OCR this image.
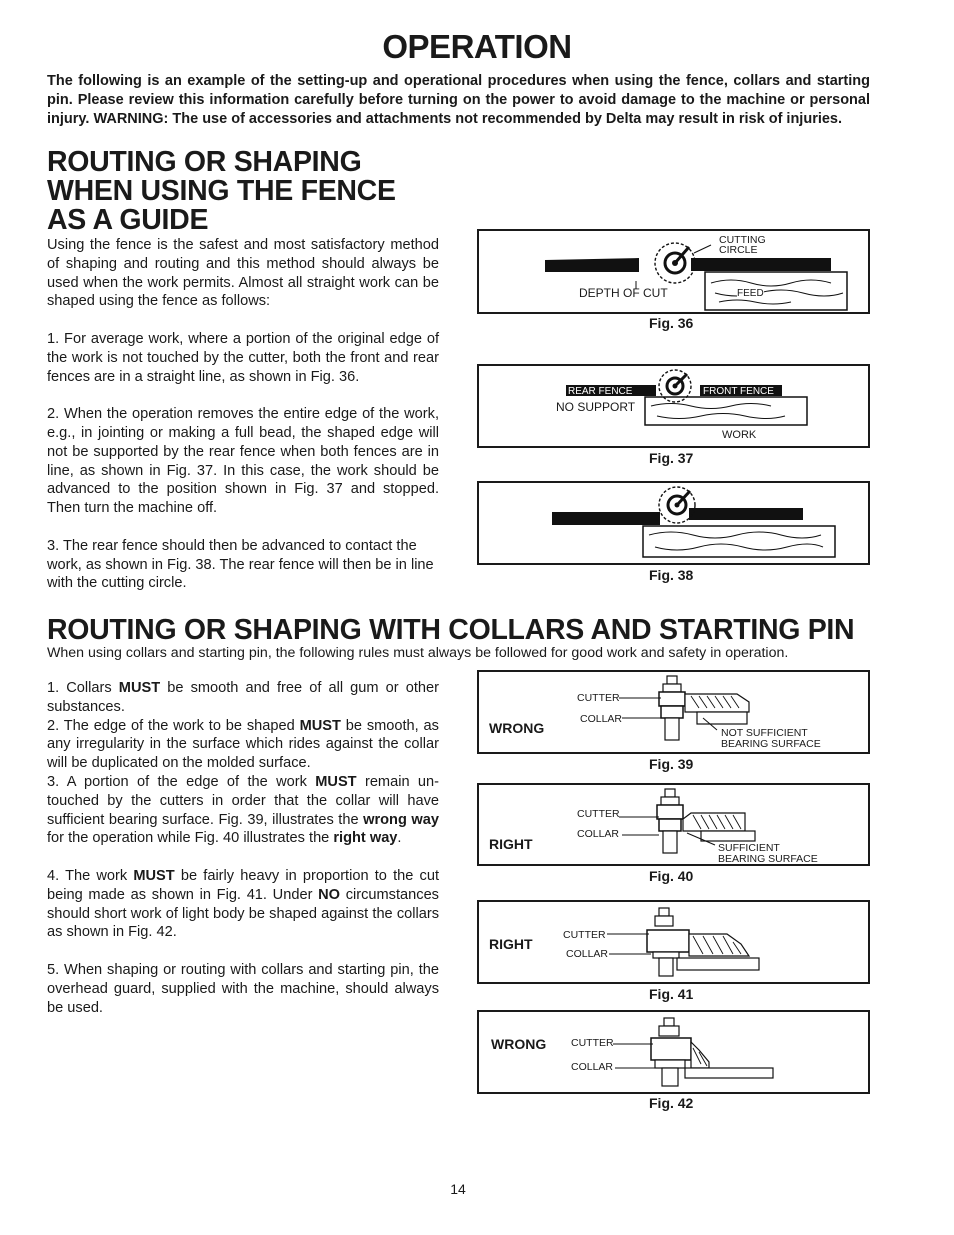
OPERATION
The following is an example of the setting-up and operational procedures when using the fence, collars and starting pin. Please review this information carefully before turning on the power to avoid damage to the machine or personal injury. WARNING: The use of accessories and attachments not recommended by Delta may result in risk of injuries.
ROUTING OR SHAPING
WHEN USING THE FENCE
AS A GUIDE

Using the fence is the safest and most satisfactory method of shaping and routing and this method should always be used when the work permits. Almost all straight work can be shaped using the fence as follows:

1. For average work, where a portion of the original edge of the work is not touched by the cutter, both the front and rear fences are in a straight line, as shown in Fig. 36.

2. When the operation removes the entire edge of the work, e.g., in jointing or making a full bead, the shaped edge will not be supported by the rear fence when both fences are in line, as shown in Fig. 37. In this case, the work should be advanced to the position shown in Fig. 37 and stopped. Then turn the machine off.

3. The rear fence should then be advanced to contact the work, as shown in Fig. 38. The rear fence will then be in line with the cutting circle.

CUTTING
CIRCLE
DEPTH OF CUT	FEED
Fig. 36
REAR FENCE	FRONT FENCE
NO SUPPORT
WORK
Fig. 37
Fig. 38
ROUTING OR SHAPING WITH COLLARS AND STARTING PIN
When using collars and starting pin, the following rules must always be followed for good work and safety in operation.

1. Collars MUST be smooth and free of all gum or other substances.

2. The edge of the work to be shaped MUST be smooth, as any irregularity in the surface which rides against the collar will be duplicated on the molded surface.

3. A portion of the edge of the work MUST remain un-touched by the cutters in order that the collar will have sufficient bearing surface. Fig. 39, illustrates the wrong way for the operation while Fig. 40 illustrates the right way.

4. The work MUST be fairly heavy in proportion to the cut being made as shown in Fig. 41. Under NO circumstances should short work of light body be shaped against the collars as shown in Fig. 42.

5. When shaping or routing with collars and starting pin, the overhead guard, supplied with the machine, should always be used.

CUTTER
COLLAR
WRONG	NOT SUFFICIENT
BEARING SURFACE
Fig. 39
CUTTER
COLLAR
RIGHT	SUFFICIENT
BEARING SURFACE
Fig. 40
CUTTER
COLLAR
RIGHT
Fig. 41
CUTTER
COLLAR
WRONG
Fig. 42
14
